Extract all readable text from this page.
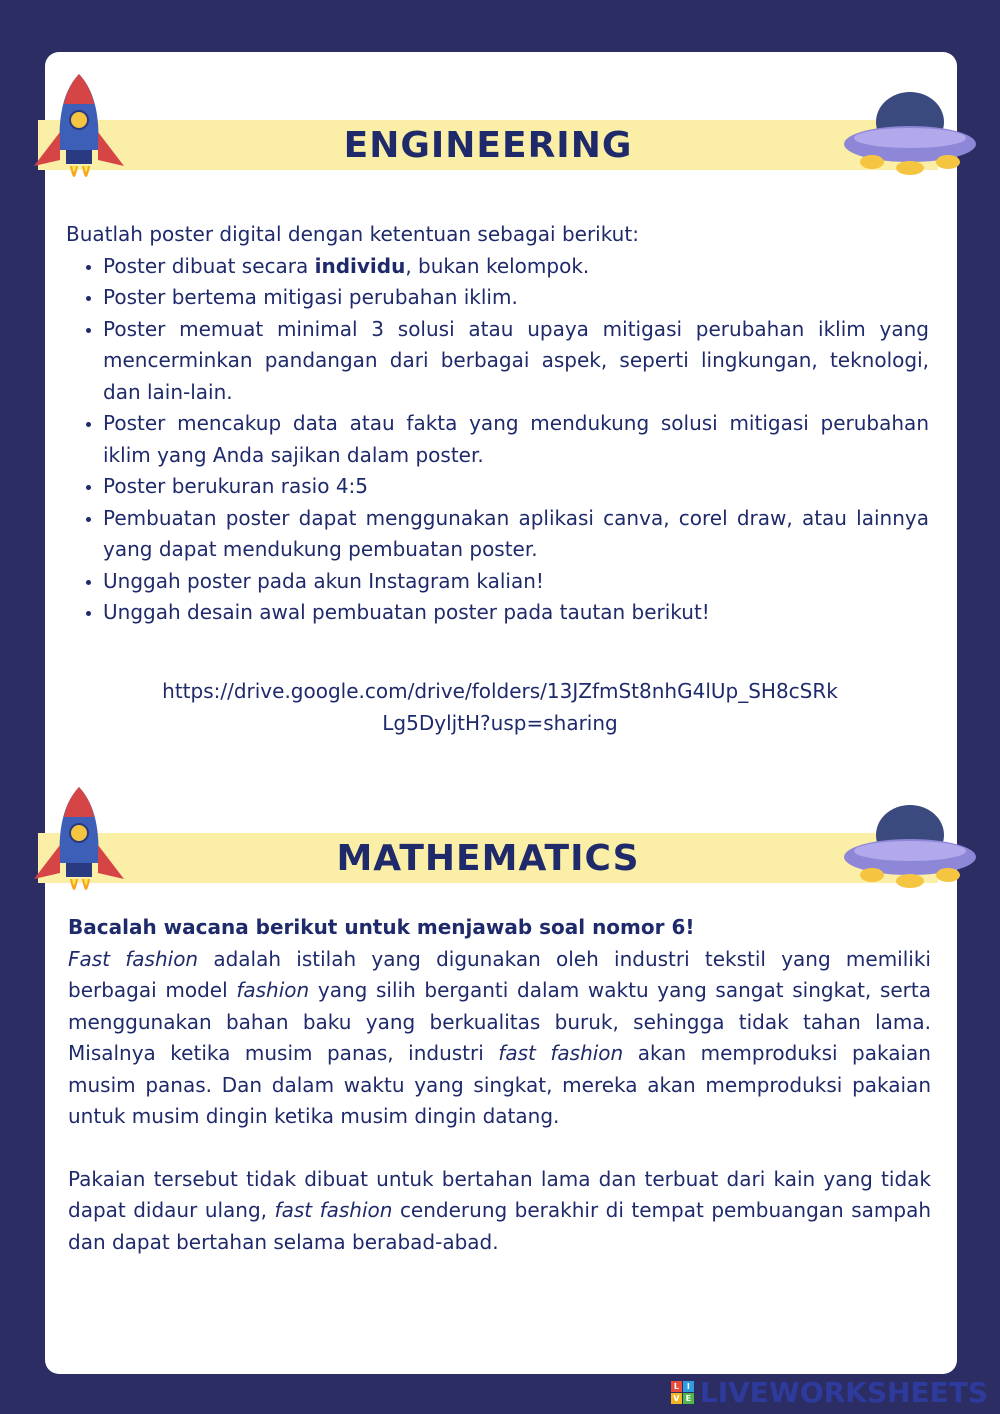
ENGINEERING
Buatlah poster digital dengan ketentuan sebagai berikut:
• Poster dibuat secara individu, bukan kelompok.
• Poster bertema mitigasi perubahan iklim.
• Poster memuat minimal 3 solusi atau upaya mitigasi perubahan iklim yang mencerminkan pandangan dari berbagai aspek, seperti lingkungan, teknologi, dan lain-lain.
• Poster mencakup data atau fakta yang mendukung solusi mitigasi perubahan iklim yang Anda sajikan dalam poster.
• Poster berukuran rasio 4:5
• Pembuatan poster dapat menggunakan aplikasi canva, corel draw, atau lainnya yang dapat mendukung pembuatan poster.
• Unggah poster pada akun Instagram kalian!
• Unggah desain awal pembuatan poster pada tautan berikut!
https://drive.google.com/drive/folders/13JZfmSt8nhG4lUp_SH8cSRk
Lg5DyljtH?usp=sharing
MATHEMATICS
Bacalah wacana berikut untuk menjawab soal nomor 6!

Fast fashion adalah istilah yang digunakan oleh industri tekstil yang memiliki berbagai model fashion yang silih berganti dalam waktu yang sangat singkat, serta menggunakan bahan baku yang berkualitas buruk, sehingga tidak tahan lama. Misalnya ketika musim panas, industri fast fashion akan memproduksi pakaian musim panas. Dan dalam waktu yang singkat, mereka akan memproduksi pakaian untuk musim dingin ketika musim dingin datang.

Pakaian tersebut tidak dibuat untuk bertahan lama dan terbuat dari kain yang tidak dapat didaur ulang, fast fashion cenderung berakhir di tempat pembuangan sampah dan dapat bertahan selama berabad-abad.

L I
V E LIVEWORKSHEETS
